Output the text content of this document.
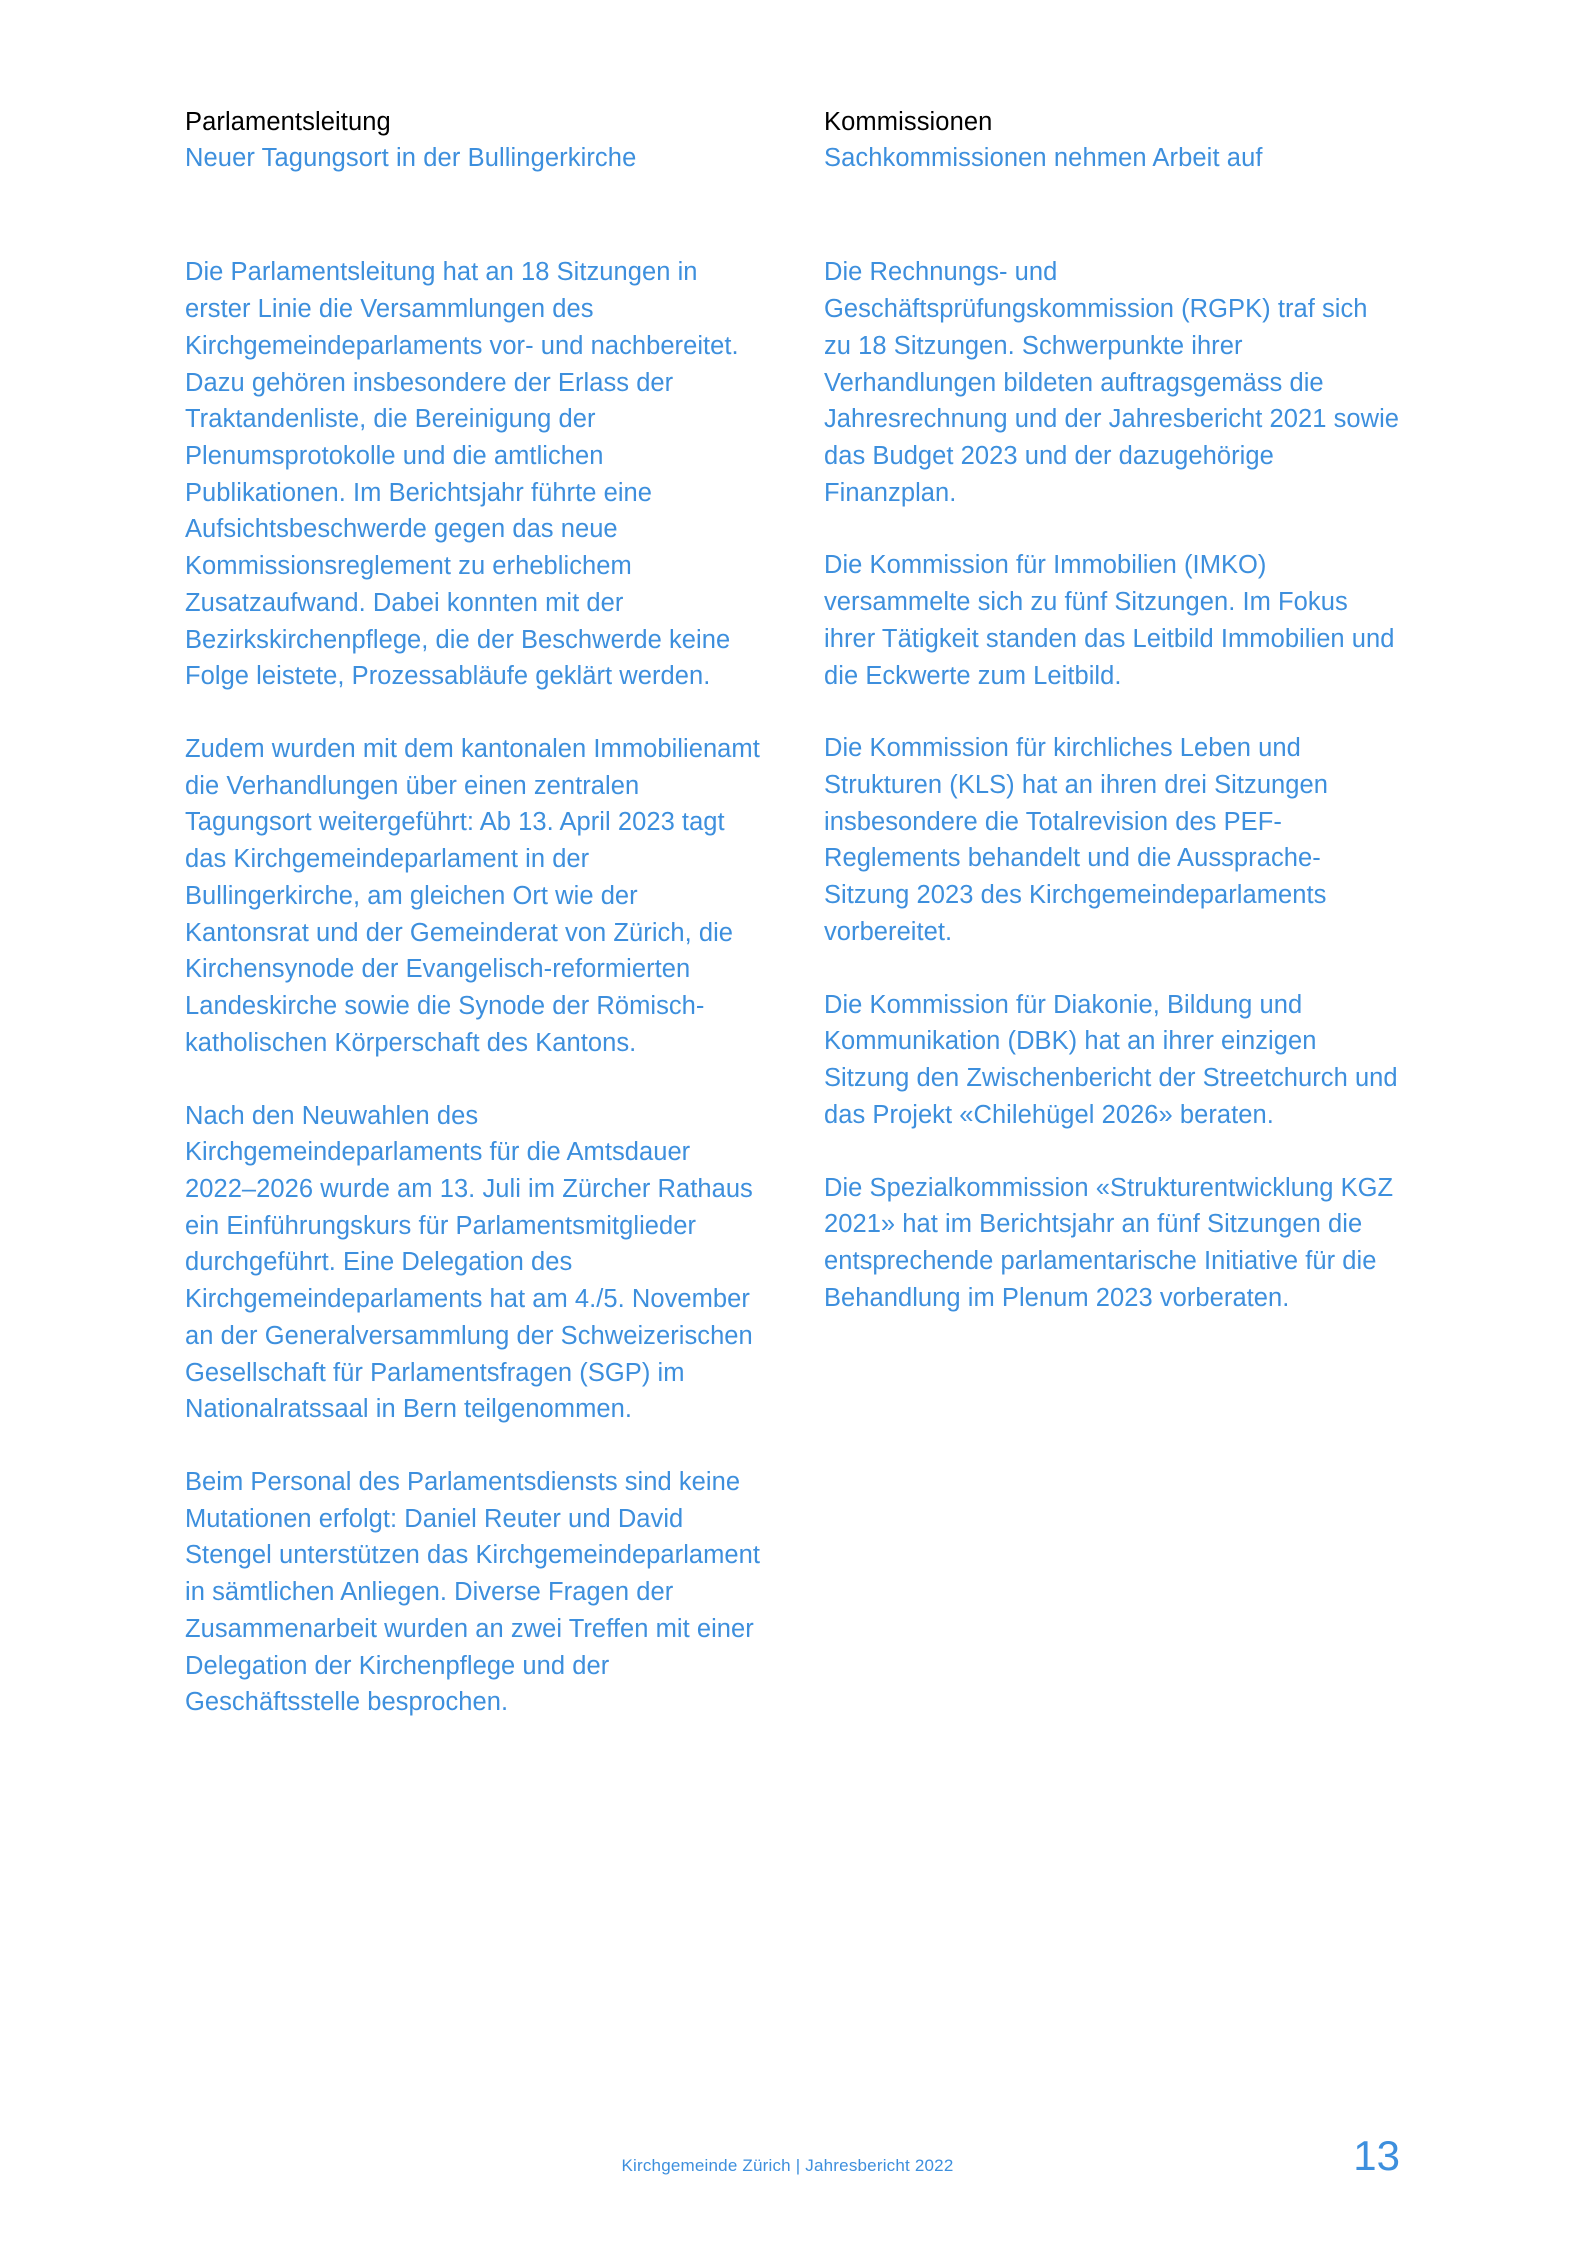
Parlamentsleitung
Neuer Tagungsort in der Bullingerkirche

Die Parlamentsleitung hat an 18 Sitzungen in erster Linie die Versammlungen des Kirchgemeindeparlaments vor- und nachbereitet. Dazu gehören insbesondere der Erlass der Traktandenliste, die Bereinigung der Plenumsprotokolle und die amtlichen Publikationen. Im Berichtsjahr führte eine Aufsichtsbeschwerde gegen das neue Kommissionsreglement zu erheblichem Zusatzaufwand. Dabei konnten mit der Bezirkskirchenpflege, die der Beschwerde keine Folge leistete, Prozessabläufe geklärt werden.

Zudem wurden mit dem kantonalen Immobilienamt die Verhandlungen über einen zentralen Tagungsort weitergeführt: Ab 13. April 2023 tagt das Kirchgemeindeparlament in der Bullingerkirche, am gleichen Ort wie der Kantonsrat und der Gemeinderat von Zürich, die Kirchensynode der Evangelisch-reformierten Landeskirche sowie die Synode der Römisch-katholischen Körperschaft des Kantons.

Nach den Neuwahlen des Kirchgemeindeparlaments für die Amtsdauer 2022–2026 wurde am 13. Juli im Zürcher Rathaus ein Einführungskurs für Parlamentsmitglieder durchgeführt. Eine Delegation des Kirchgemeindeparlaments hat am 4./5. November an der Generalversammlung der Schweizerischen Gesellschaft für Parlamentsfragen (SGP) im Nationalratssaal in Bern teilgenommen.

Beim Personal des Parlamentsdiensts sind keine Mutationen erfolgt: Daniel Reuter und David Stengel unterstützen das Kirchgemeindeparlament in sämtlichen Anliegen. Diverse Fragen der Zusammenarbeit wurden an zwei Treffen mit einer Delegation der Kirchenpflege und der Geschäftsstelle besprochen.

Kommissionen
Sachkommissionen nehmen Arbeit auf

Die Rechnungs- und Geschäftsprüfungskommission (RGPK) traf sich zu 18 Sitzungen. Schwerpunkte ihrer Verhandlungen bildeten auftragsgemäss die Jahresrechnung und der Jahresbericht 2021 sowie das Budget 2023 und der dazugehörige Finanzplan.

Die Kommission für Immobilien (IMKO) versammelte sich zu fünf Sitzungen. Im Fokus ihrer Tätigkeit standen das Leitbild Immobilien und die Eckwerte zum Leitbild.

Die Kommission für kirchliches Leben und Strukturen (KLS) hat an ihren drei Sitzungen insbesondere die Totalrevision des PEF-Reglements behandelt und die Aussprache-Sitzung 2023 des Kirchgemeindeparlaments vorbereitet.

Die Kommission für Diakonie, Bildung und Kommunikation (DBK) hat an ihrer einzigen Sitzung den Zwischenbericht der Streetchurch und das Projekt «Chilehügel 2026» beraten.

Die Spezialkommission «Strukturentwicklung KGZ 2021» hat im Berichtsjahr an fünf Sitzungen die entsprechende parlamentarische Initiative für die Behandlung im Plenum 2023 vorberaten.

Kirchgemeinde Zürich | Jahresbericht 2022	13
